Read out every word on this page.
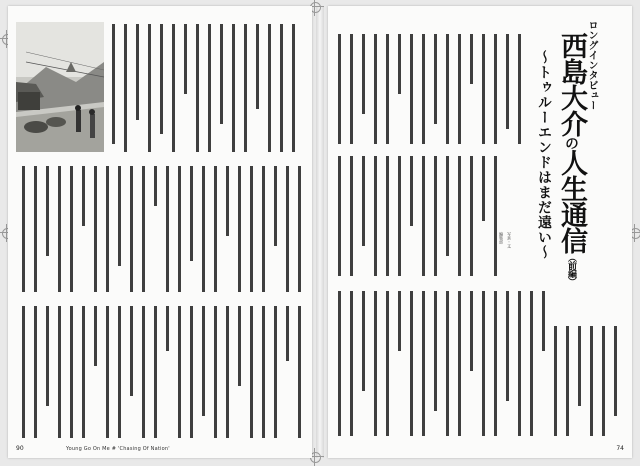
90	Young Go On Me # 'Chasing Of Nation'
ロングインタビュー
西島大介の人生通信（前編）
〜トゥルーエンドはまだ遠い〜
写真・文
編集部
74
